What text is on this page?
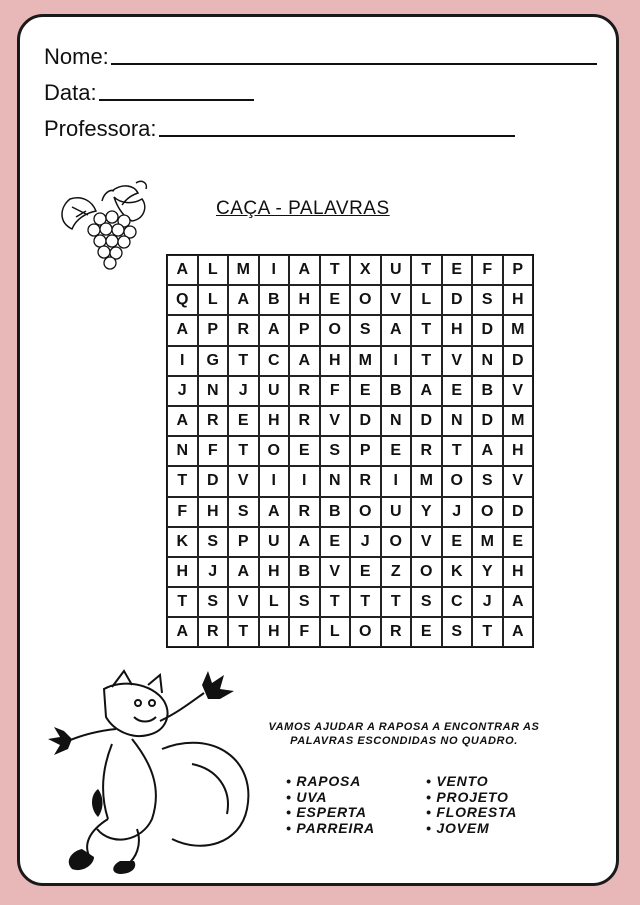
Nome:
Data:
Professora:
CAÇA - PALAVRAS
A	L	M	I	A	T	X	U	T	E	F	P
Q	L	A	B	H	E	O	V	L	D	S	H
A	P	R	A	P	O	S	A	T	H	D	M
I	G	T	C	A	H	M	I	T	V	N	D
J	N	J	U	R	F	E	B	A	E	B	V
A	R	E	H	R	V	D	N	D	N	D	M
N	F	T	O	E	S	P	E	R	T	A	H
T	D	V	I	I	N	R	I	M	O	S	V
F	H	S	A	R	B	O	U	Y	J	O	D
K	S	P	U	A	E	J	O	V	E	M	E
H	J	A	H	B	V	E	Z	O	K	Y	H
T	S	V	L	S	T	T	T	S	C	J	A
A	R	T	H	F	L	O	R	E	S	T	A
VAMOS AJUDAR A RAPOSA A ENCONTRAR AS PALAVRAS ESCONDIDAS NO QUADRO.
• RAPOSA
• UVA
• ESPERTA
• PARREIRA
• VENTO
• PROJETO
• FLORESTA
• JOVEM
